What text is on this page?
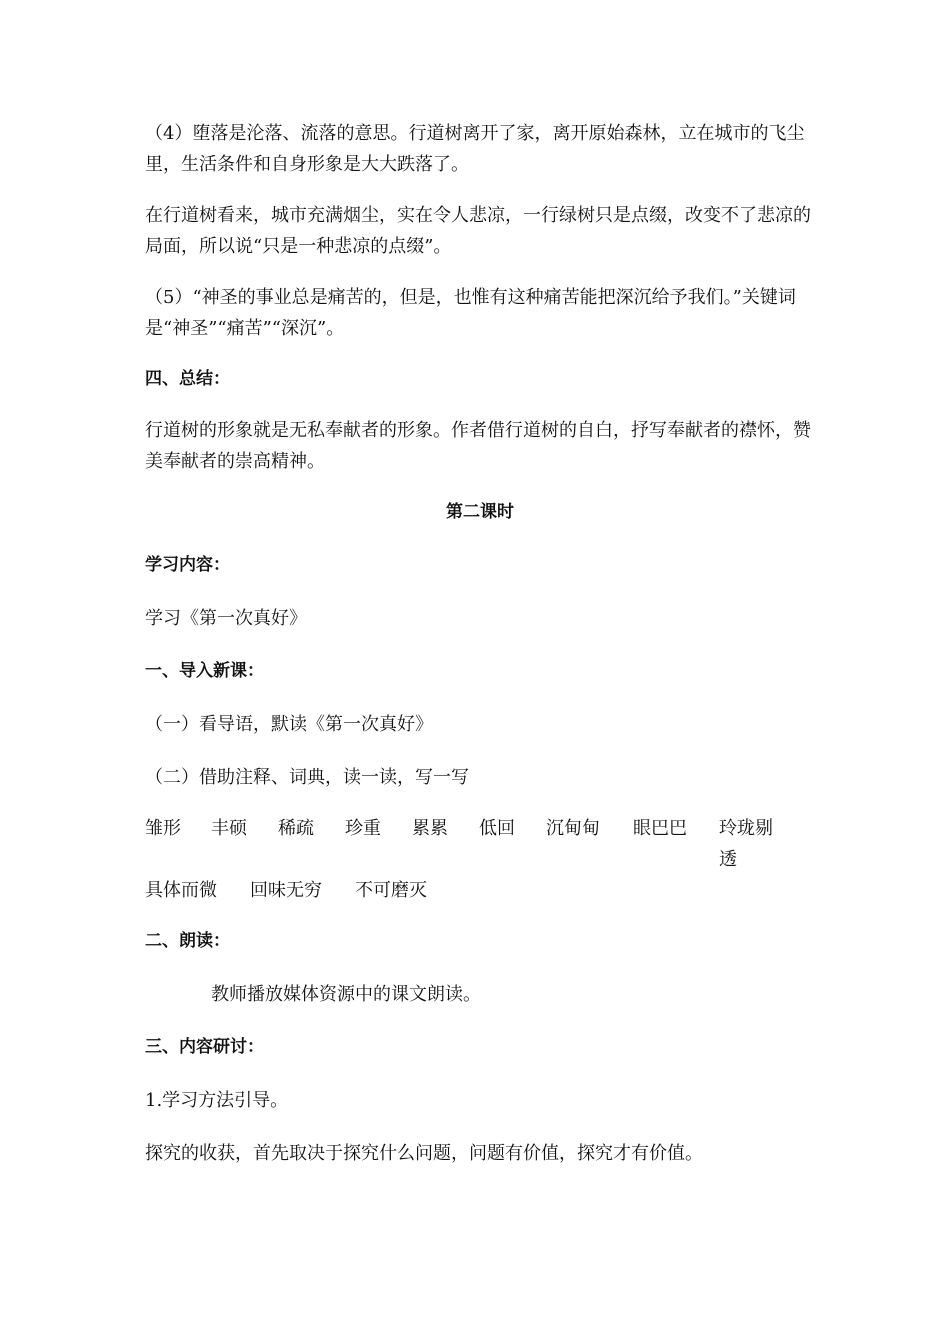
（4）堕落是沦落、流落的意思。行道树离开了家，离开原始森林，立在城市的飞尘里，生活条件和自身形象是大大跌落了。

在行道树看来，城市充满烟尘，实在令人悲凉，一行绿树只是点缀，改变不了悲凉的局面，所以说“只是一种悲凉的点缀”。

（5）“神圣的事业总是痛苦的，但是，也惟有这种痛苦能把深沉给予我们。”关键词是“神圣”“痛苦”“深沉”。

四、总结：

行道树的形象就是无私奉献者的形象。作者借行道树的自白，抒写奉献者的襟怀，赞美奉献者的崇高精神。

第二课时

学习内容：

学习《第一次真好》

一、导入新课：

（一）看导语，默读《第一次真好》

（二）借助注释、词典，读一读，写一写

雏形	丰硕	稀疏	珍重	累累	低回	沉甸甸	眼巴巴	玲珑剔透
具体而微	回味无穷	不可磨灭

二、朗读：

教师播放媒体资源中的课文朗读。

三、内容研讨：

1.学习方法引导。

探究的收获，首先取决于探究什么问题，问题有价值，探究才有价值。
